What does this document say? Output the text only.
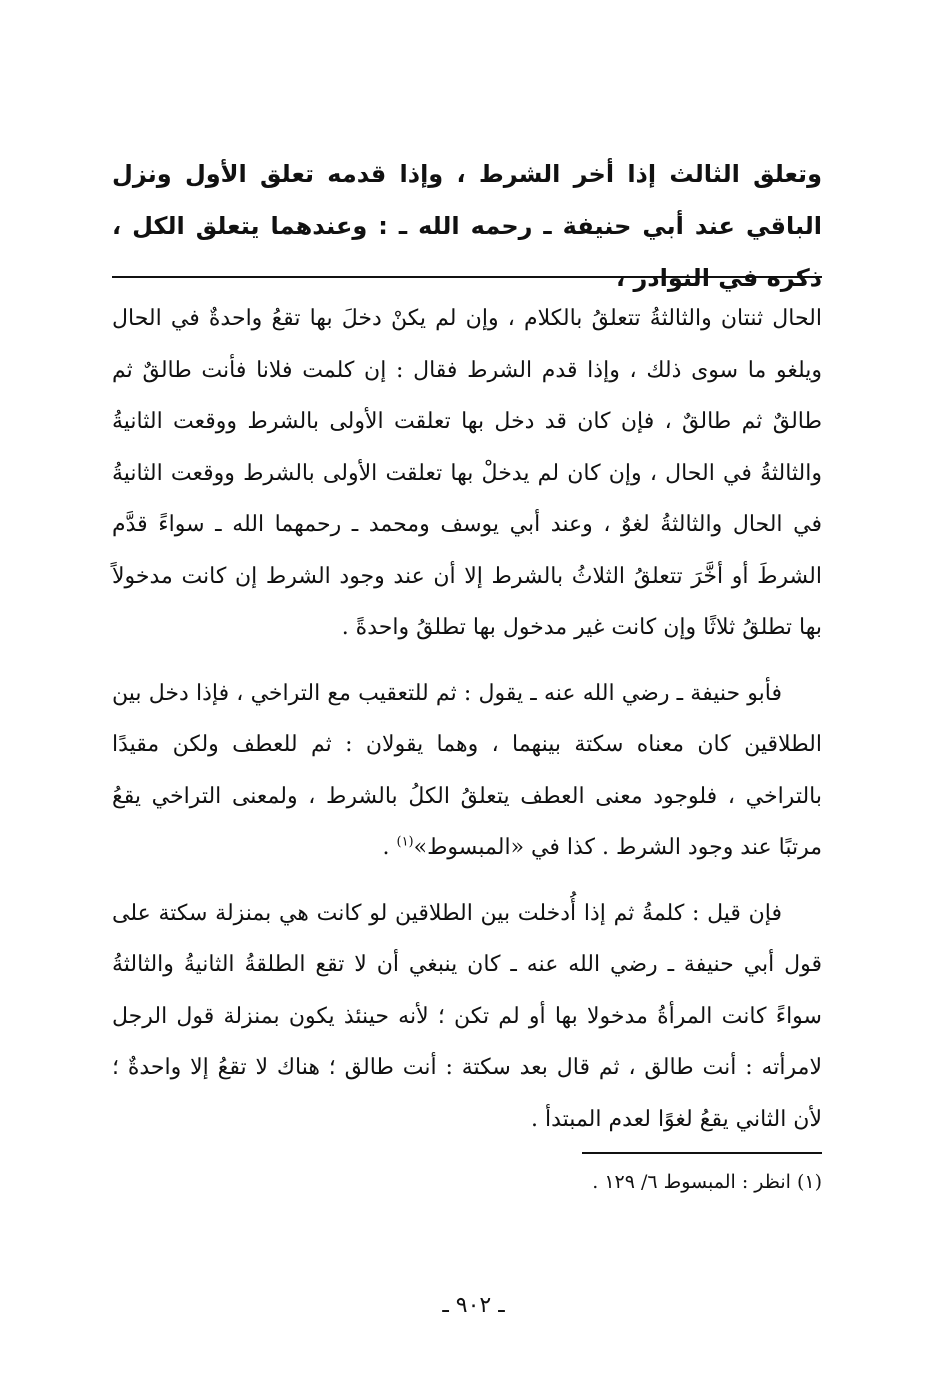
وتعلق الثالث إذا أخر الشرط ، وإذا قدمه تعلق الأول ونزل الباقي عند أبي حنيفة ـ رحمه الله ـ : وعندهما يتعلق الكل ، ذكره في النوادر ،

الحال ثنتان والثالثةُ تتعلقُ بالكلام ، وإن لم يكنْ دخلَ بها تقعُ واحدةٌ في الحال ويلغو ما سوى ذلك ، وإذا قدم الشرط فقال : إن كلمت فلانا فأنت طالقٌ ثم طالقٌ ثم طالقٌ ، فإن كان قد دخل بها تعلقت الأولى بالشرط ووقعت الثانيةُ والثالثةُ في الحال ، وإن كان لم يدخلْ بها تعلقت الأولى بالشرط ووقعت الثانيةُ في الحال والثالثةُ لغوٌ ، وعند أبي يوسف ومحمد ـ رحمهما الله ـ سواءً قدَّم الشرطَ أو أخَّرَ تتعلقُ الثلاثُ بالشرط إلا أن عند وجود الشرط إن كانت مدخولاً بها تطلقُ ثلاثًا وإن كانت غير مدخول بها تطلقُ واحدةً .

فأبو حنيفة ـ رضي الله عنه ـ يقول : ثم للتعقيب مع التراخي ، فإذا دخل بين الطلاقين كان معناه سكتة بينهما ، وهما يقولان : ثم للعطف ولكن مقيدًا بالتراخي ، فلوجود معنى العطف يتعلقُ الكلُ بالشرط ، ولمعنى التراخي يقعُ مرتبًا عند وجود الشرط . كذا في «المبسوط»$^{(١)}$ .

فإن قيل : كلمةُ ثم إذا أُدخلت بين الطلاقين لو كانت هي بمنزلة سكتة على قول أبي حنيفة ـ رضي الله عنه ـ كان ينبغي أن لا تقع الطلقةُ الثانيةُ والثالثةُ سواءً كانت المرأةُ مدخولا بها أو لم تكن ؛ لأنه حينئذ يكون بمنزلة قول الرجل لامرأته : أنت طالق ، ثم قال بعد سكتة : أنت طالق ؛ هناك لا تقعُ إلا واحدةٌ ؛ لأن الثاني يقعُ لغوًا لعدم المبتدأ .

(١) انظر : المبسوط ٦/ ١٢٩ .

ـ ٩٠٢ ـ
